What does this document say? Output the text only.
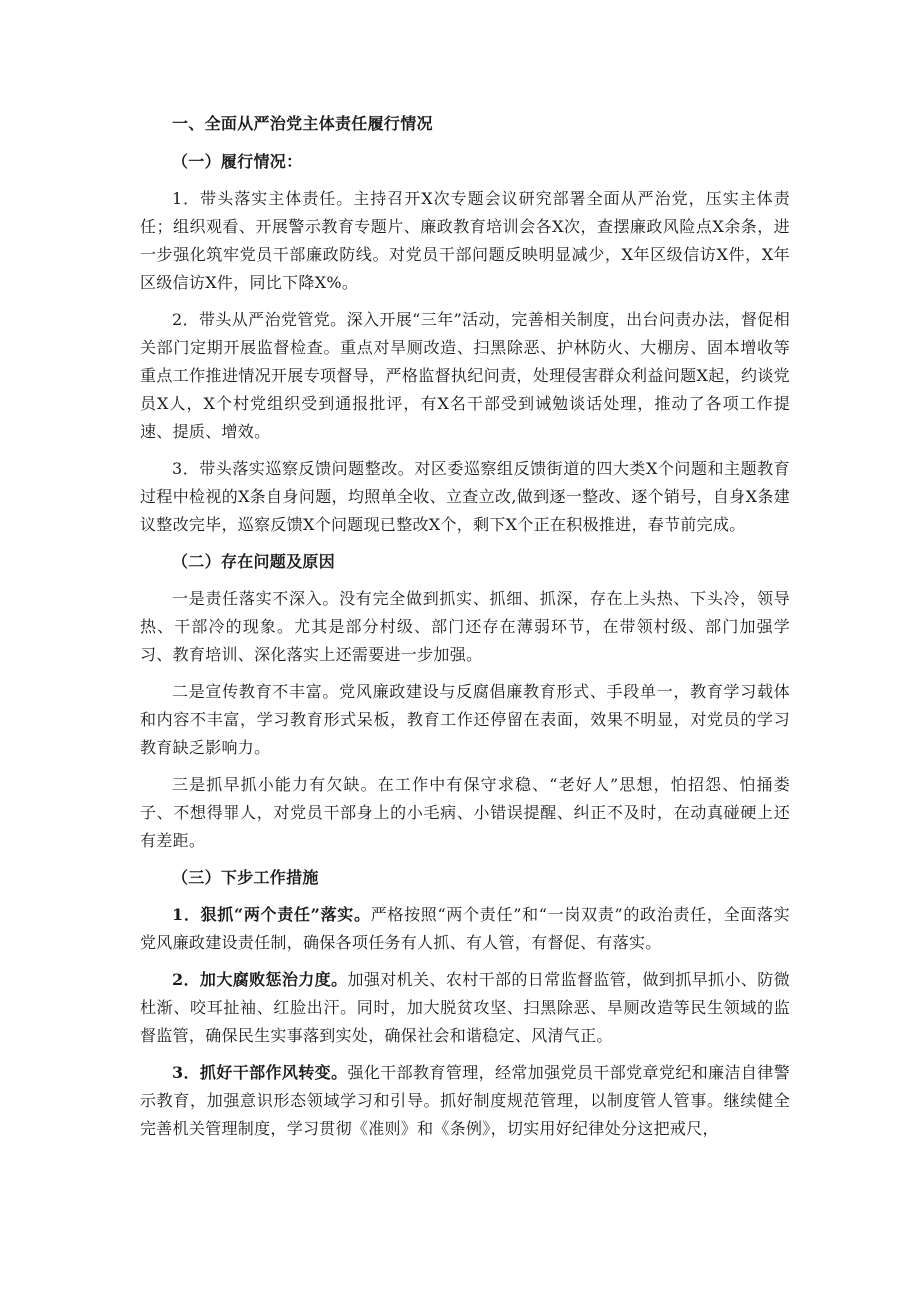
一、全面从严治党主体责任履行情况
（一）履行情况：

1．带头落实主体责任。主持召开X次专题会议研究部署全面从严治党，压实主体责任；组织观看、开展警示教育专题片、廉政教育培训会各X次，查摆廉政风险点X余条，进一步强化筑牢党员干部廉政防线。对党员干部问题反映明显减少，X年区级信访X件，X年区级信访X件，同比下降X%。

2．带头从严治党管党。深入开展“三年”活动，完善相关制度，出台问责办法，督促相关部门定期开展监督检查。重点对旱厕改造、扫黑除恶、护林防火、大棚房、固本增收等重点工作推进情况开展专项督导，严格监督执纪问责，处理侵害群众利益问题X起，约谈党员X人，X个村党组织受到通报批评，有X名干部受到诫勉谈话处理，推动了各项工作提速、提质、增效。

3．带头落实巡察反馈问题整改。对区委巡察组反馈街道的四大类X个问题和主题教育过程中检视的X条自身问题，均照单全收、立查立改,做到逐一整改、逐个销号，自身X条建议整改完毕，巡察反馈X个问题现已整改X个，剩下X个正在积极推进，春节前完成。

（二）存在问题及原因

一是责任落实不深入。没有完全做到抓实、抓细、抓深，存在上头热、下头冷，领导热、干部冷的现象。尤其是部分村级、部门还存在薄弱环节，在带领村级、部门加强学习、教育培训、深化落实上还需要进一步加强。

二是宣传教育不丰富。党风廉政建设与反腐倡廉教育形式、手段单一，教育学习载体和内容不丰富，学习教育形式呆板，教育工作还停留在表面，效果不明显，对党员的学习教育缺乏影响力。

三是抓早抓小能力有欠缺。在工作中有保守求稳、“老好人”思想，怕招怨、怕捅娄子、不想得罪人，对党员干部身上的小毛病、小错误提醒、纠正不及时，在动真碰硬上还有差距。

（三）下步工作措施

1．狠抓“两个责任”落实。严格按照“两个责任”和“一岗双责”的政治责任，全面落实党风廉政建设责任制，确保各项任务有人抓、有人管，有督促、有落实。

2．加大腐败惩治力度。加强对机关、农村干部的日常监督监管，做到抓早抓小、防微杜渐、咬耳扯袖、红脸出汗。同时，加大脱贫攻坚、扫黑除恶、旱厕改造等民生领域的监督监管，确保民生实事落到实处，确保社会和谐稳定、风清气正。

3．抓好干部作风转变。强化干部教育管理，经常加强党员干部党章党纪和廉洁自律警示教育，加强意识形态领域学习和引导。抓好制度规范管理，以制度管人管事。继续健全完善机关管理制度，学习贯彻《准则》和《条例》，切实用好纪律处分这把戒尺，
